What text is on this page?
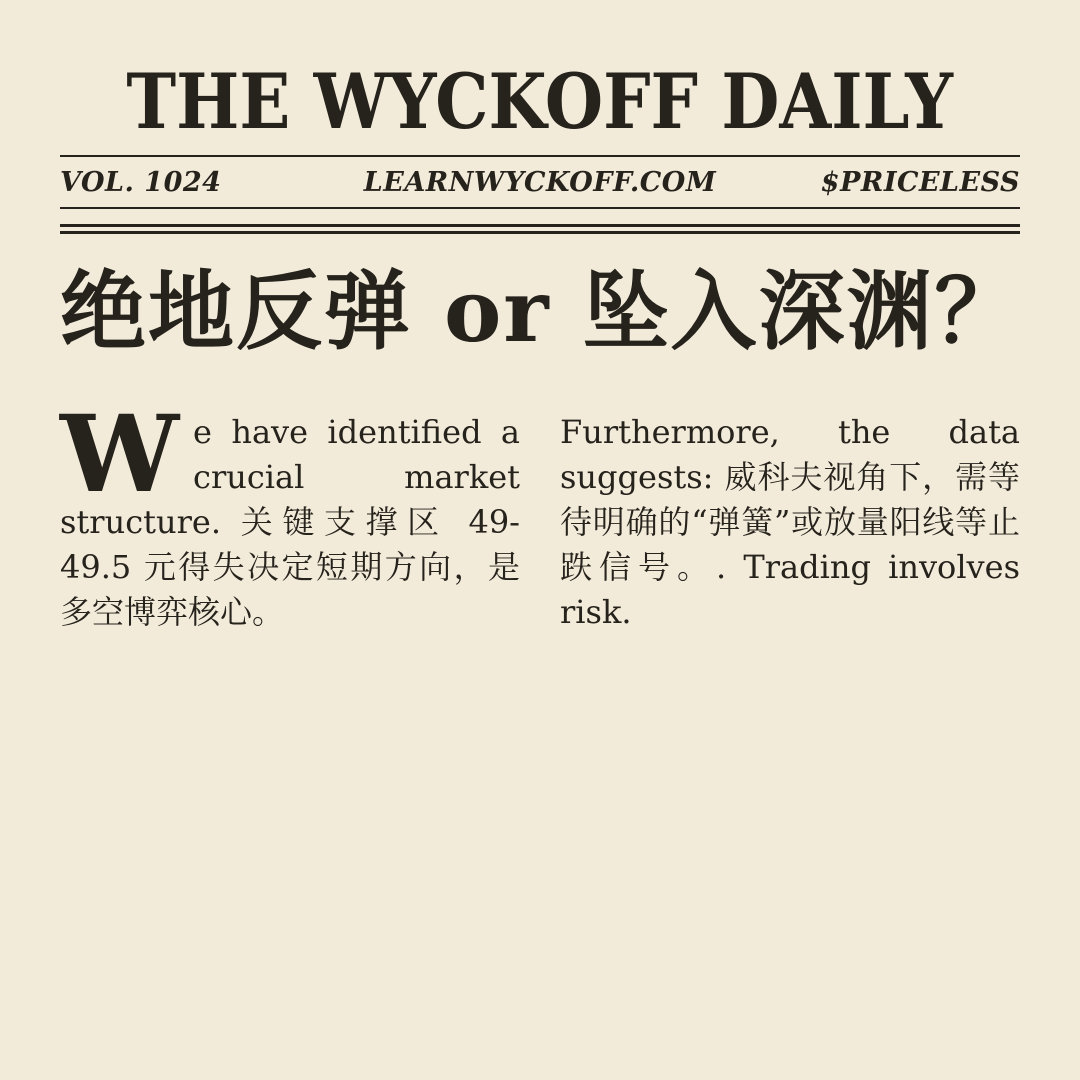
THE WYCKOFF DAILY
VOL. 1024	LEARNWYCKOFF.COM	$PRICELESS
绝地反弹 or 坠入深渊？

We have identified a crucial market structure. 关键支撑区 49-49.5 元得失决定短期方向，是多空博弈核心。

Furthermore, the data suggests: 威科夫视角下，需等待明确的“弹簧”或放量阳线等止跌信号。. Trading involves risk.
